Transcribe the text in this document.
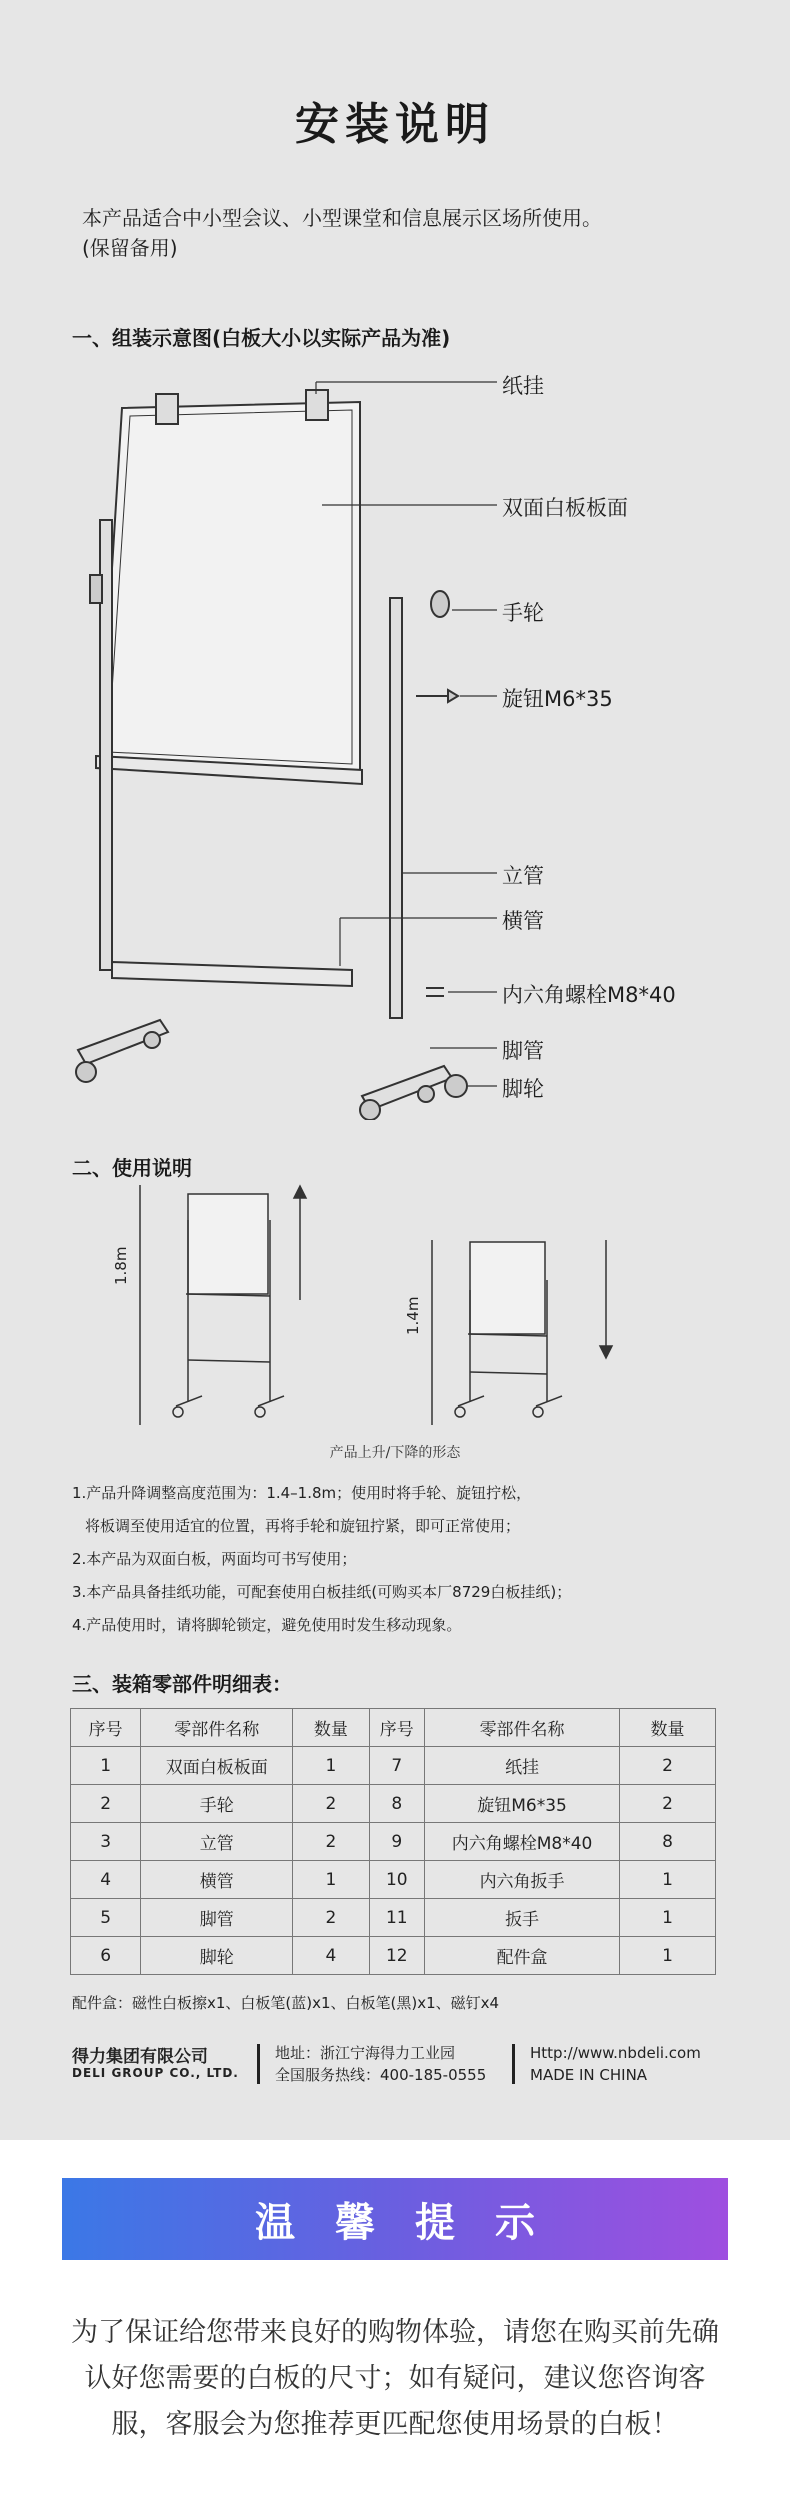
安装说明
本产品适合中小型会议、小型课堂和信息展示区场所使用。
(保留备用)
一、组装示意图(白板大小以实际产品为准)
纸挂
双面白板板面
手轮
旋钮M6*35
立管
横管
内六角螺栓M8*40
脚管
脚轮
二、使用说明
1.8m
1.4m
产品上升/下降的形态
1.产品升降调整高度范围为：1.4–1.8m；使用时将手轮、旋钮拧松，
将板调至使用适宜的位置，再将手轮和旋钮拧紧，即可正常使用；
2.本产品为双面白板，两面均可书写使用；
3.本产品具备挂纸功能，可配套使用白板挂纸(可购买本厂8729白板挂纸)；
4.产品使用时，请将脚轮锁定，避免使用时发生移动现象。
三、装箱零部件明细表：
序号	零部件名称	数量	序号	零部件名称	数量
1	双面白板板面	1	7	纸挂	2
2	手轮	2	8	旋钮M6*35	2
3	立管	2	9	内六角螺栓M8*40	8
4	横管	1	10	内六角扳手	1
5	脚管	2	11	扳手	1
6	脚轮	4	12	配件盒	1
配件盒：磁性白板擦x1、白板笔(蓝)x1、白板笔(黑)x1、磁钉x4
得力集团有限公司
DELI GROUP CO., LTD.
地址：浙江宁海得力工业园
全国服务热线：400-185-0555
Http://www.nbdeli.com
MADE IN CHINA
温馨提示
为了保证给您带来良好的购物体验，请您在购买前先确认好您需要的白板的尺寸；如有疑问，建议您咨询客服，客服会为您推荐更匹配您使用场景的白板！
